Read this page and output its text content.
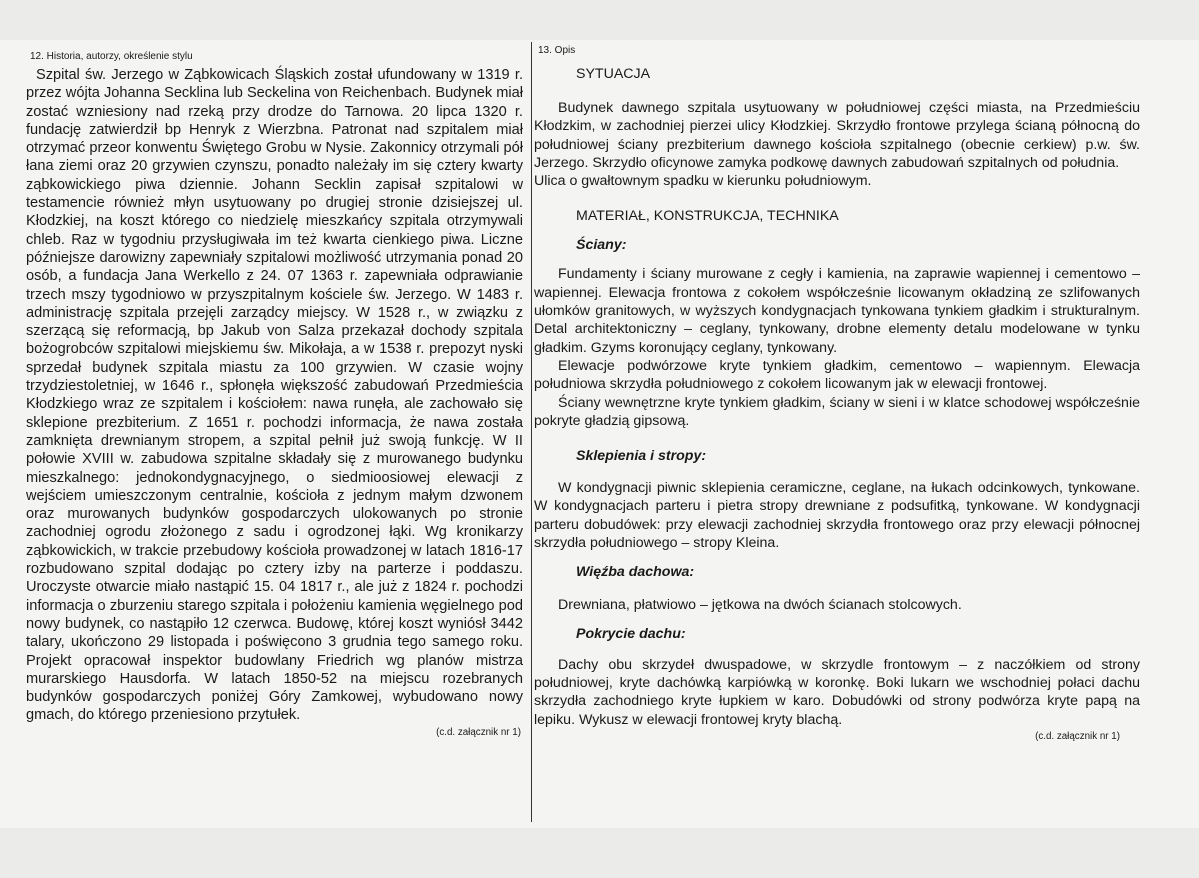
12. Historia, autorzy, określenie stylu

Szpital św. Jerzego w Ząbkowicach Śląskich został ufundowany w 1319 r. przez wójta Johanna Secklina lub Seckelina von Reichenbach. Budynek miał zostać wzniesiony nad rzeką przy drodze do Tarnowa. 20 lipca 1320 r. fundację zatwierdził bp Henryk z Wierzbna. Patronat nad szpitalem miał otrzymać przeor konwentu Świętego Grobu w Nysie. Zakonnicy otrzymali pół łana ziemi oraz 20 grzywien czynszu, ponadto należały im się cztery kwarty ząbkowickiego piwa dziennie. Johann Secklin zapisał szpitalowi w testamencie również młyn usytuowany po drugiej stronie dzisiejszej ul. Kłodzkiej, na koszt którego co niedzielę mieszkańcy szpitala otrzymywali chleb. Raz w tygodniu przysługiwała im też kwarta cienkiego piwa. Liczne późniejsze darowizny zapewniały szpitalowi możliwość utrzymania ponad 20 osób, a fundacja Jana Werkello z 24. 07 1363 r. zapewniała odprawianie trzech mszy tygodniowo w przyszpitalnym kościele św. Jerzego. W 1483 r. administrację szpitala przejęli zarządcy miejscy. W 1528 r., w związku z szerzącą się reformacją, bp Jakub von Salza przekazał dochody szpitala bożogrobców szpitalowi miejskiemu św. Mikołaja, a w 1538 r. prepozyt nyski sprzedał budynek szpitala miastu za 100 grzywien. W czasie wojny trzydziestoletniej, w 1646 r., spłonęła większość zabudowań Przedmieścia Kłodzkiego wraz ze szpitalem i kościołem: nawa runęła, ale zachowało się sklepione prezbiterium. Z 1651 r. pochodzi informacja, że nawa została zamknięta drewnianym stropem, a szpital pełnił już swoją funkcję. W II połowie XVIII w. zabudowa szpitalne składały się z murowanego budynku mieszkalnego: jednokondygnacyjnego, o siedmioosiowej elewacji z wejściem umieszczonym centralnie, kościoła z jednym małym dzwonem oraz murowanych budynków gospodarczych ulokowanych po stronie zachodniej ogrodu złożonego z sadu i ogrodzonej łąki. Wg kronikarzy ząbkowickich, w trakcie przebudowy kościoła prowadzonej w latach 1816-17 rozbudowano szpital dodając po cztery izby na parterze i poddaszu. Uroczyste otwarcie miało nastąpić 15. 04 1817 r., ale już z 1824 r. pochodzi informacja o zburzeniu starego szpitala i położeniu kamienia węgielnego pod nowy budynek, co nastąpiło 12 czerwca. Budowę, której koszt wyniósł 3442 talary, ukończono 29 listopada i poświęcono 3 grudnia tego samego roku. Projekt opracował inspektor budowlany Friedrich wg planów mistrza murarskiego Hausdorfa. W latach 1850-52 na miejscu rozebranych budynków gospodarczych poniżej Góry Zamkowej, wybudowano nowy gmach, do którego przeniesiono przytułek.

(c.d. załącznik nr 1)

13. Opis

SYTUACJA

Budynek dawnego szpitala usytuowany w południowej części miasta, na Przedmieściu Kłodzkim, w zachodniej pierzei ulicy Kłodzkiej. Skrzydło frontowe przylega ścianą północną do południowej ściany prezbiterium dawnego kościoła szpitalnego (obecnie cerkiew) p.w. św. Jerzego. Skrzydło oficynowe zamyka podkowę dawnych zabudowań szpitalnych od południa.

Ulica o gwałtownym spadku w kierunku południowym.

MATERIAŁ, KONSTRUKCJA, TECHNIKA

Ściany:

Fundamenty i ściany murowane z cegły i kamienia, na zaprawie wapiennej i cementowo – wapiennej. Elewacja frontowa z cokołem współcześnie licowanym okładziną ze szlifowanych ułomków granitowych, w wyższych kondygnacjach tynkowana tynkiem gładkim i strukturalnym. Detal architektoniczny – ceglany, tynkowany, drobne elementy detalu modelowane w tynku gładkim. Gzyms koronujący ceglany, tynkowany.

Elewacje podwórzowe kryte tynkiem gładkim, cementowo – wapiennym. Elewacja południowa skrzydła południowego z cokołem licowanym jak w elewacji frontowej.

Ściany wewnętrzne kryte tynkiem gładkim, ściany w sieni i w klatce schodowej współcześnie pokryte gładzią gipsową.

Sklepienia i stropy:

W kondygnacji piwnic sklepienia ceramiczne, ceglane, na łukach odcinkowych, tynkowane. W kondygnacjach parteru i pietra stropy drewniane z podsufitką, tynkowane. W kondygnacji parteru dobudówek: przy elewacji zachodniej skrzydła frontowego oraz przy elewacji północnej skrzydła południowego – stropy Kleina.

Więźba dachowa:

Drewniana, płatwiowo – jętkowa na dwóch ścianach stolcowych.

Pokrycie dachu:

Dachy obu skrzydeł dwuspadowe, w skrzydle frontowym – z naczółkiem od strony południowej, kryte dachówką karpiówką w koronkę. Boki lukarn we wschodniej połaci dachu skrzydła zachodniego kryte łupkiem w karo. Dobudówki od strony podwórza kryte papą na lepiku. Wykusz w elewacji frontowej kryty blachą.

(c.d. załącznik nr 1)
